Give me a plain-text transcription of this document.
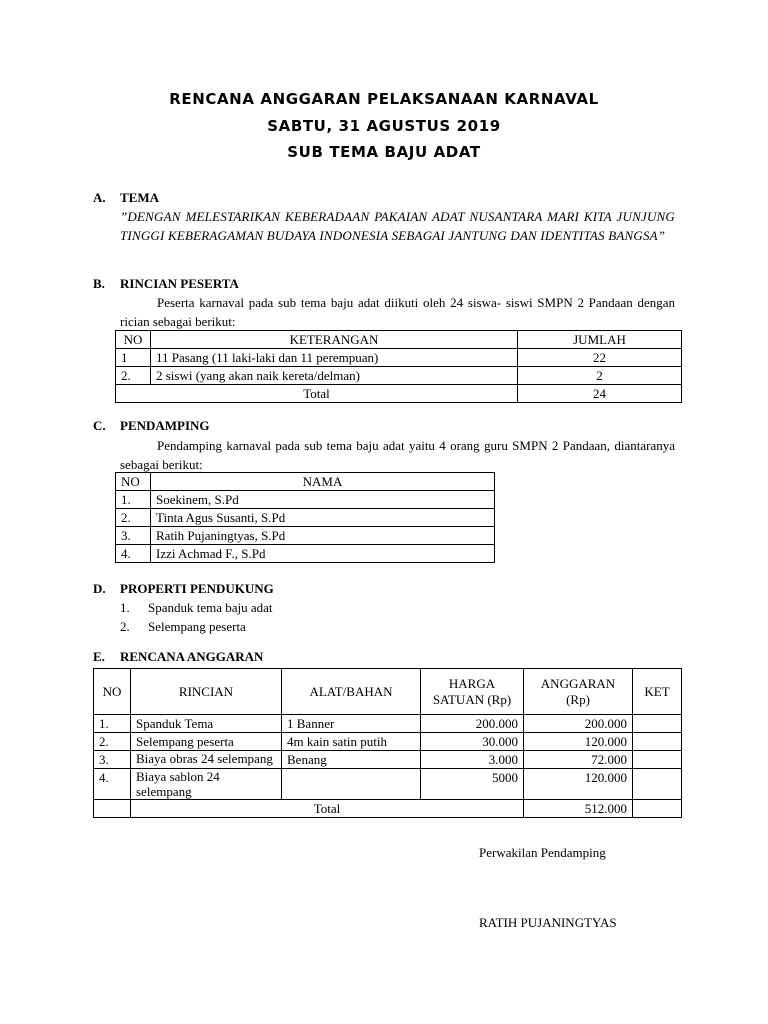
RENCANA ANGGARAN PELAKSANAAN KARNAVAL
SABTU, 31 AGUSTUS 2019
SUB TEMA BAJU ADAT
A. TEMA
”DENGAN MELESTARIKAN KEBERADAAN PAKAIAN ADAT NUSANTARA MARI KITA JUNJUNG TINGGI KEBERAGAMAN BUDAYA INDONESIA SEBAGAI JANTUNG DAN IDENTITAS BANGSA”
B. RINCIAN PESERTA
Peserta karnaval pada sub tema baju adat diikuti oleh 24 siswa- siswi SMPN 2 Pandaan dengan rician sebagai berikut:
NO	KETERANGAN	JUMLAH
1	11 Pasang (11 laki-laki dan 11 perempuan)	22
2.	2 siswi (yang akan naik kereta/delman)	2
Total		24
C. PENDAMPING
Pendamping karnaval pada sub tema baju adat yaitu 4 orang guru SMPN 2 Pandaan, diantaranya sebagai berikut:
NO	NAMA
1.	Soekinem, S.Pd
2.	Tinta Agus Susanti, S.Pd
3.	Ratih Pujaningtyas, S.Pd
4.	Izzi Achmad F., S.Pd
D. PROPERTI PENDUKUNG
1. Spanduk tema baju adat
2. Selempang peserta
E. RENCANA ANGGARAN
NO	RINCIAN	ALAT/BAHAN	HARGA SATUAN (Rp)	ANGGARAN (Rp)	KET
1.	Spanduk Tema	1 Banner	200.000	200.000	
2.	Selempang peserta	4m kain satin putih	30.000	120.000	
3.	Biaya obras 24 selempang	Benang	3.000	72.000	
4.	Biaya sablon 24 selempang		5000	120.000	
	Total			512.000	
Perwakilan Pendamping
RATIH PUJANINGTYAS
